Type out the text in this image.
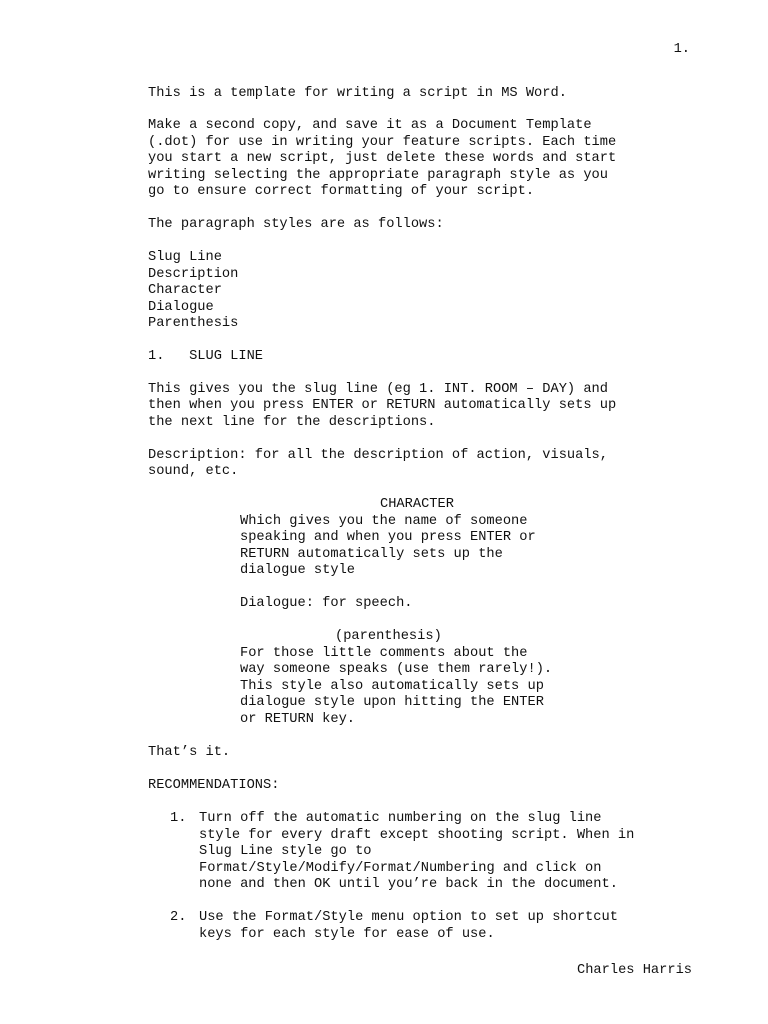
1.
This is a template for writing a script in MS Word.
Make a second copy, and save it as a Document Template
(.dot) for use in writing your feature scripts. Each time
you start a new script, just delete these words and start
writing selecting the appropriate paragraph style as you
go to ensure correct formatting of your script.
The paragraph styles are as follows:
Slug Line
Description
Character
Dialogue
Parenthesis
1.   SLUG LINE
This gives you the slug line (eg 1. INT. ROOM – DAY) and
then when you press ENTER or RETURN automatically sets up
the next line for the descriptions.
Description: for all the description of action, visuals,
sound, etc.
CHARACTER
Which gives you the name of someone
speaking and when you press ENTER or
RETURN automatically sets up the
dialogue style
Dialogue: for speech.
(parenthesis)
For those little comments about the
way someone speaks (use them rarely!).
This style also automatically sets up
dialogue style upon hitting the ENTER
or RETURN key.
That’s it.
RECOMMENDATIONS:
1. Turn off the automatic numbering on the slug line
style for every draft except shooting script. When in
Slug Line style go to
Format/Style/Modify/Format/Numbering and click on
none and then OK until you’re back in the document.
2. Use the Format/Style menu option to set up shortcut
keys for each style for ease of use.
Charles Harris
